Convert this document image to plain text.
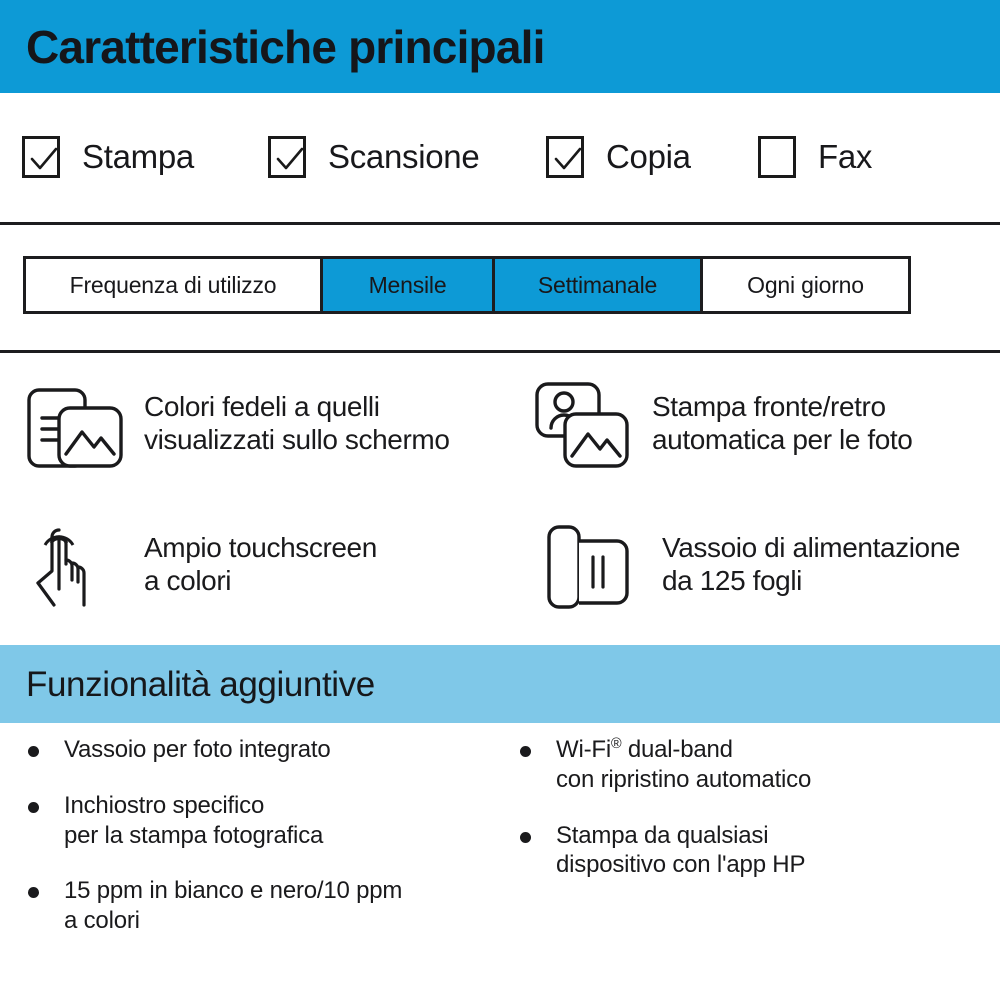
Caratteristiche principali
Stampa	Scansione	Copia	Fax
Frequenza di utilizzo	Mensile	Settimanale	Ogni giorno
Colori fedeli a quelli
visualizzati sullo schermo
Stampa fronte/retro
automatica per le foto
Ampio touchscreen
a colori
Vassoio di alimentazione
da 125 fogli
Funzionalità aggiuntive
Vassoio per foto integrato
Inchiostro specifico
per la stampa fotografica
15 ppm in bianco e nero/10 ppm
a colori
Wi-Fi® dual-band
con ripristino automatico
Stampa da qualsiasi
dispositivo con l'app HP
